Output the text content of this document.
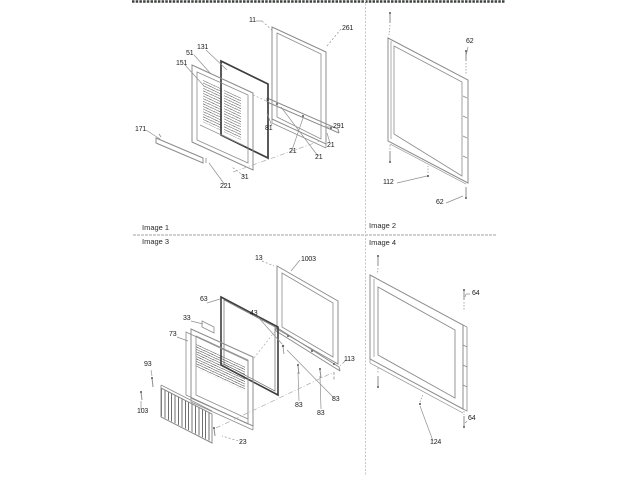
Image 1	Image 2
Image 3	Image 4
11
261
131
51
151
171	81	291
21
21
21
31
221
62
112
62
13	1003
63
33
43
73
93
103
113
83
83
83
23
64
64
124
